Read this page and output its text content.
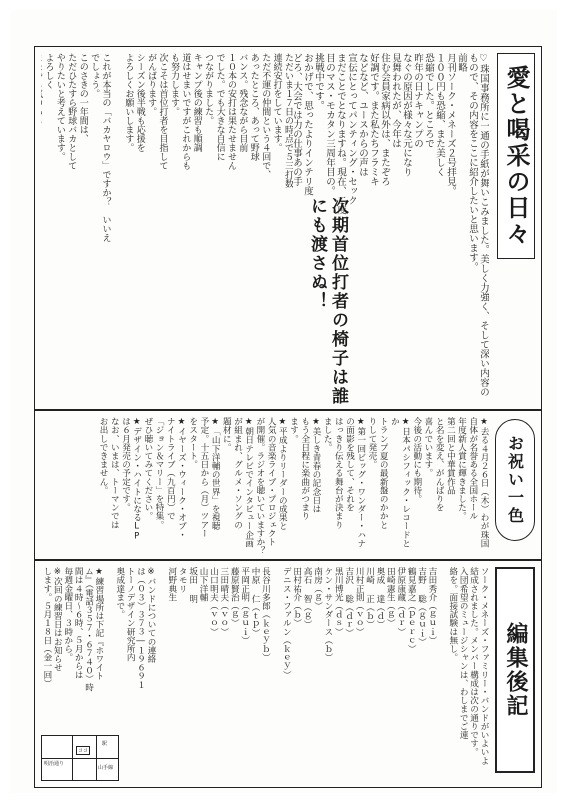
愛と喝采の日々
♡珠国事務所に一通の手紙が舞いこみました。美しく力強く、そして深い内容のもので、その内容をここに紹介したいと思います。
前略
月刊ソーク・メネーズ２号拝見。
１００円も恐縮、また美しく
恐縮でした。ところで
昨年の日ナキャンプの
なぐの原因が様々な元になり
見舞われたが、今年は
住む会員家病以外は、またぞろ
好調です。また私たちフラミキ
などなど、ユースからの声は
宣伝にとってパンティング・セック
まだことでとなりますね。現在、二度
目のマス・モカタン三周年目の。
挑戦中です。
おかげで、思ったよりインテリ度
どろ、大会では力の仕事あの手

次期首位打者の椅子は誰にも渡さぬ！
ただいま１７日の時点で５三打数
連続安打をしています。
ただ不運の仲間という４回で、
あったところ、あって野球
バンス。残念ながら目前
１０本の安打は果たせません
でした。でも大きな自信に
つながりました。
キャンプ後の練習も順調
道はせまいですがこれからも
も努力します。
次こそは首位打者を目指して
がんばります。
シーズン後半戦も応援を
よろしくお願いします。

これが本当の「バカヤロウ」ですか？　いいえ
でしょう。
このさきの一年間は、
ただひたすら野球バカとして
やりたいと考えています。
よろしく

お祝い一色
★去る４月２６日（木）わが珠国
自体が名誉ある全国ホール
年度新人賞に輝きました。
第二回と中華賞作品
と名を変え、がんばりを
喜んでいます。
今後の活動にも期待。
★日本パシフィック・レコードとか
トランプ夏の最新盤のかかと
りして発売。
★第一回ビッグ・ワンダー・ハナ
の面影を残して、それを
はっきり伝える舞台が決まり
ました。
★美しき青春の記念日は
もう全日程に楽曲がつまり
ます。
★平成よりリーダーの成果と
人気の音楽ライブ・プロジェクト
が開催。ラジオを聴いていますか？
★朝日テレビでインタビュー企画
が組まれ、グルメ・ソングの
題材に。
★「山下洋輔の世界」を視聴
予定。十五日から（月）ツアー
をスタート。
★イヤーズ・ウィーク・オブ・
ナイトライブ（九百円）で
「ジョン＆マリー」を特集。
ぜひ聴いてみてください。
★デザイン・ハイトになるLP
は６月発売の予定です。
なお、いまは、トーマンでは
お出しできません。
編集後記
ソーク・メネーズ・ファミリー・バンドがいよいよ
結成されました。メンバー構成は次の通りです。
入団希望のミュージシャンは、わしまでご連
絡を。面接試験は無し。

吉田秀介（ｇｕｉ）
吉野 聡（ｇｕｉ）
鶴見嘉之（ｐｅｒｃ）
伊原康蔵（ｄｒ）
田崎憲生（ｇ）
奥成 達（ｄ）
川崎 正（ｂ）
川村正則（ｖｏ）
吉沢 聡（ｄｒ）
黒川博光（ｄｓ）
ケン・サンダース（ｂ）
南房（ｇ）
高石 智（ｇ）
田村祐介（ｂ）
デニス・ファルン（ｋｅｙ）

長谷川多郎（ｋｅｙｂ）
中原 仁（ｔｐ）
平岡正明（ｇｕｉ）
藤原賢治（ｇ）
三田晴夫（ｖｏ）
山口明夫（ｖｏ）
山下洋輔
坂田 明
タモリ
河野典生

※バンドについての連絡
は（０３）３７３―１９６９１
トーノデザイン研究所内
奥成達まで。

★練習場所は下記『ホワイト
ム』（電話３５７・６７４０）時
間は４時〜６時、５月からは
毎週金曜日、３時から。
※次回の練習日はお知らせ
します。５月１８日（金一回）
明治通り
ココ
山手線
駅
